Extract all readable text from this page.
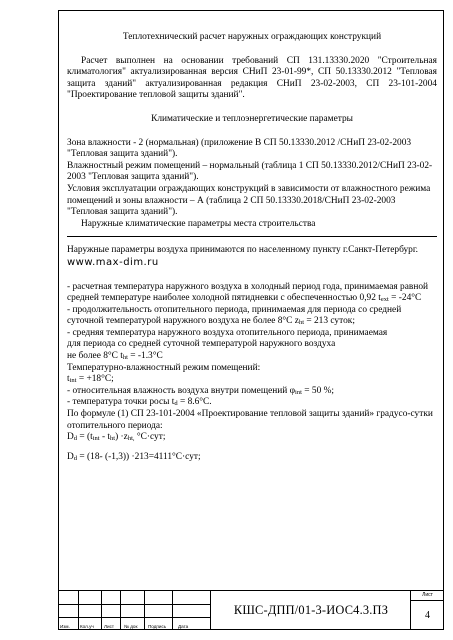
Теплотехнический расчет наружных ограждающих конструкций

Расчет выполнен на основании требований СП 131.13330.2020 "Строительная климатология" актуализированная версия СНиП 23-01-99*, СП 50.13330.2012 "Тепловая защита зданий" актуализированная редакция СНиП 23-02-2003, СП 23-101-2004 "Проектирование тепловой защиты зданий".

Климатические и теплоэнергетические параметры

Зона влажности - 2 (нормальная) (приложение В СП 50.13330.2012 /СНиП 23-02-2003 "Тепловая защита зданий").

Влажностный режим помещений – нормальный (таблица 1 СП 50.13330.2012/СНиП 23-02-2003 "Тепловая защита зданий").

Условия эксплуатации ограждающих конструкций в зависимости от влажностного режима помещений и зоны влажности – А (таблица 2 СП 50.13330.2018/СНиП 23-02-2003 "Тепловая защита зданий").

Наружные климатические параметры места строительства

Наружные параметры воздуха принимаются по населенному пункту г.Санкт-Петербург. www.max-dim.ru

- расчетная температура наружного воздуха в холодный период года, принимаемая равной средней температуре наиболее холодной пятидневки с обеспеченностью 0,92 $t_{ext} = -24^\circ C$

- продолжительность отопительного периода, принимаемая для периода со средней суточной температурой наружного воздуха не более 8°C $z_{ht} = 213$ суток;

- средняя температура наружного воздуха отопительного периода, принимаемая

для периода со средней суточной температурой наружного воздуха

не более 8°C $t_{ht} = -1.3^\circ C$

Температурно-влажностный режим помещений:

$t_{int} = +18^\circ C$;

- относительная влажность воздуха внутри помещений $\varphi_{int} = 50$ %;

- температура точки росы $t_d = 8.6^\circ C$.

По формуле (1) СП 23-101-2004 «Проектирование тепловой защиты зданий» градусо-сутки отопительного периода:

$D_d = (t_{int} - t_{ht}) \cdot z_{ht,}$ °C·сут;

$D_d = (18-$ (-1,3)) ·213=4111°C·сут;

Изм. Кол.уч Лист № док Подпись	Дата
КШС-ДПП/01-3-ИОС4.3.ПЗ
Лист
4
